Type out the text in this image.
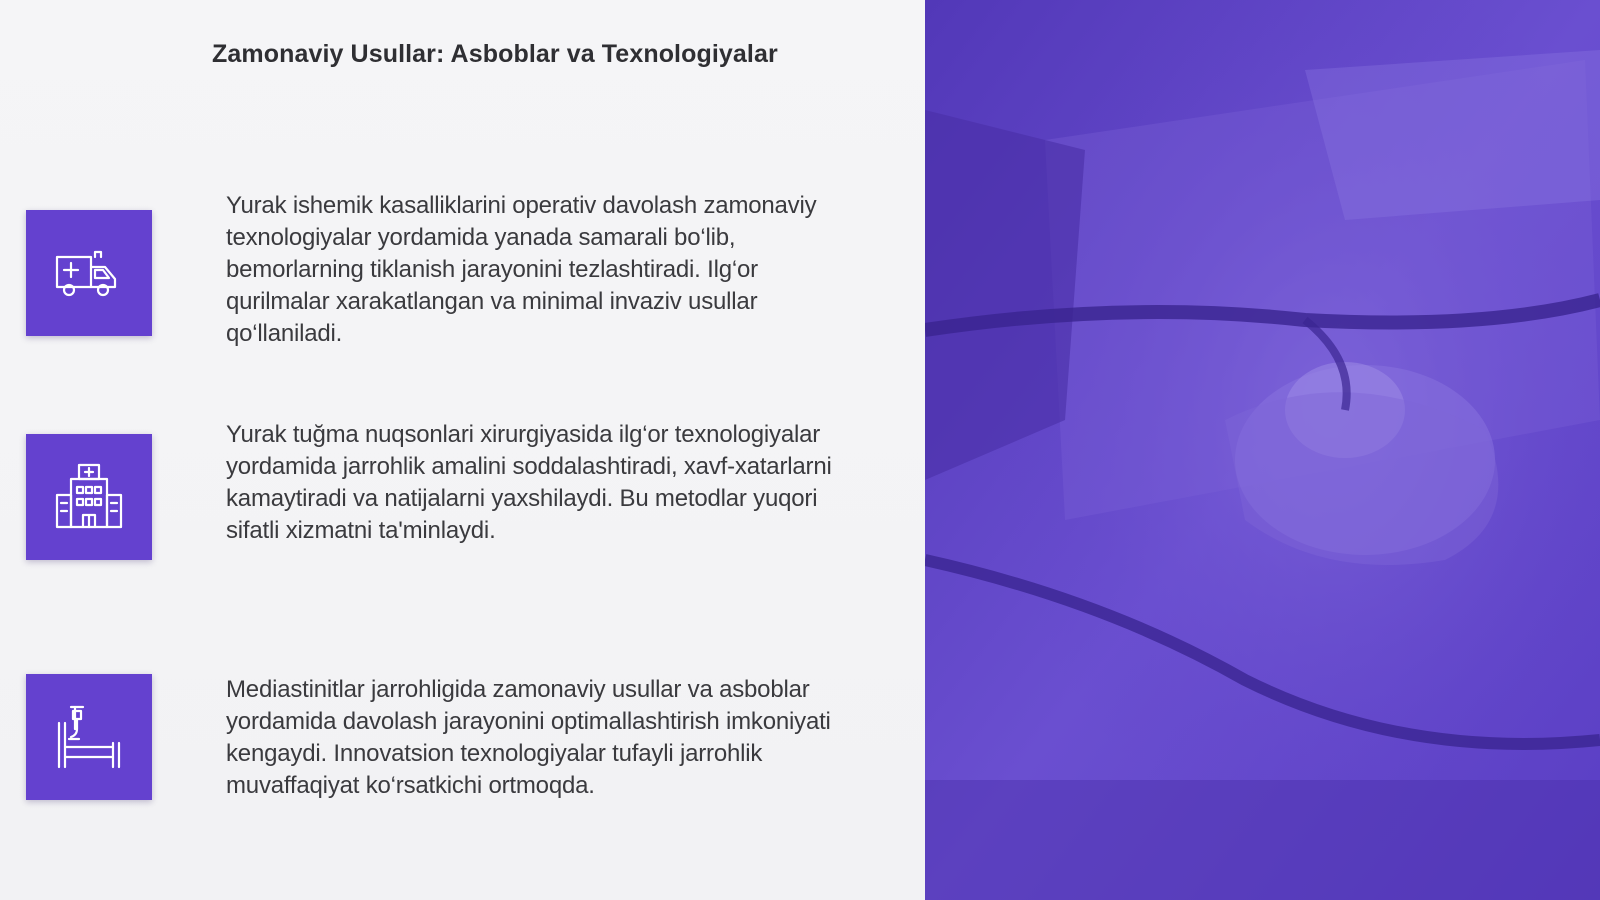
Zamonaviy Usullar: Asboblar va Texnologiyalar
Yurak ishemik kasalliklarini operativ davolash zamonaviy texnologiyalar yordamida yanada samarali bo‘lib, bemorlarning tiklanish jarayonini tezlashtiradi. Ilg‘or qurilmalar xarakatlangan va minimal invaziv usullar qo‘llaniladi.
Yurak tuğma nuqsonlari xirurgiyasida ilg‘or texnologiyalar yordamida jarrohlik amalini soddalashtiradi, xavf-xatarlarni kamaytiradi va natijalarni yaxshilaydi. Bu metodlar yuqori sifatli xizmatni ta'minlaydi.
Mediastinitlar jarrohligida zamonaviy usullar va asboblar yordamida davolash jarayonini optimallashtirish imkoniyati kengaydi. Innovatsion texnologiyalar tufayli jarrohlik muvaffaqiyat ko‘rsatkichi ortmoqda.
